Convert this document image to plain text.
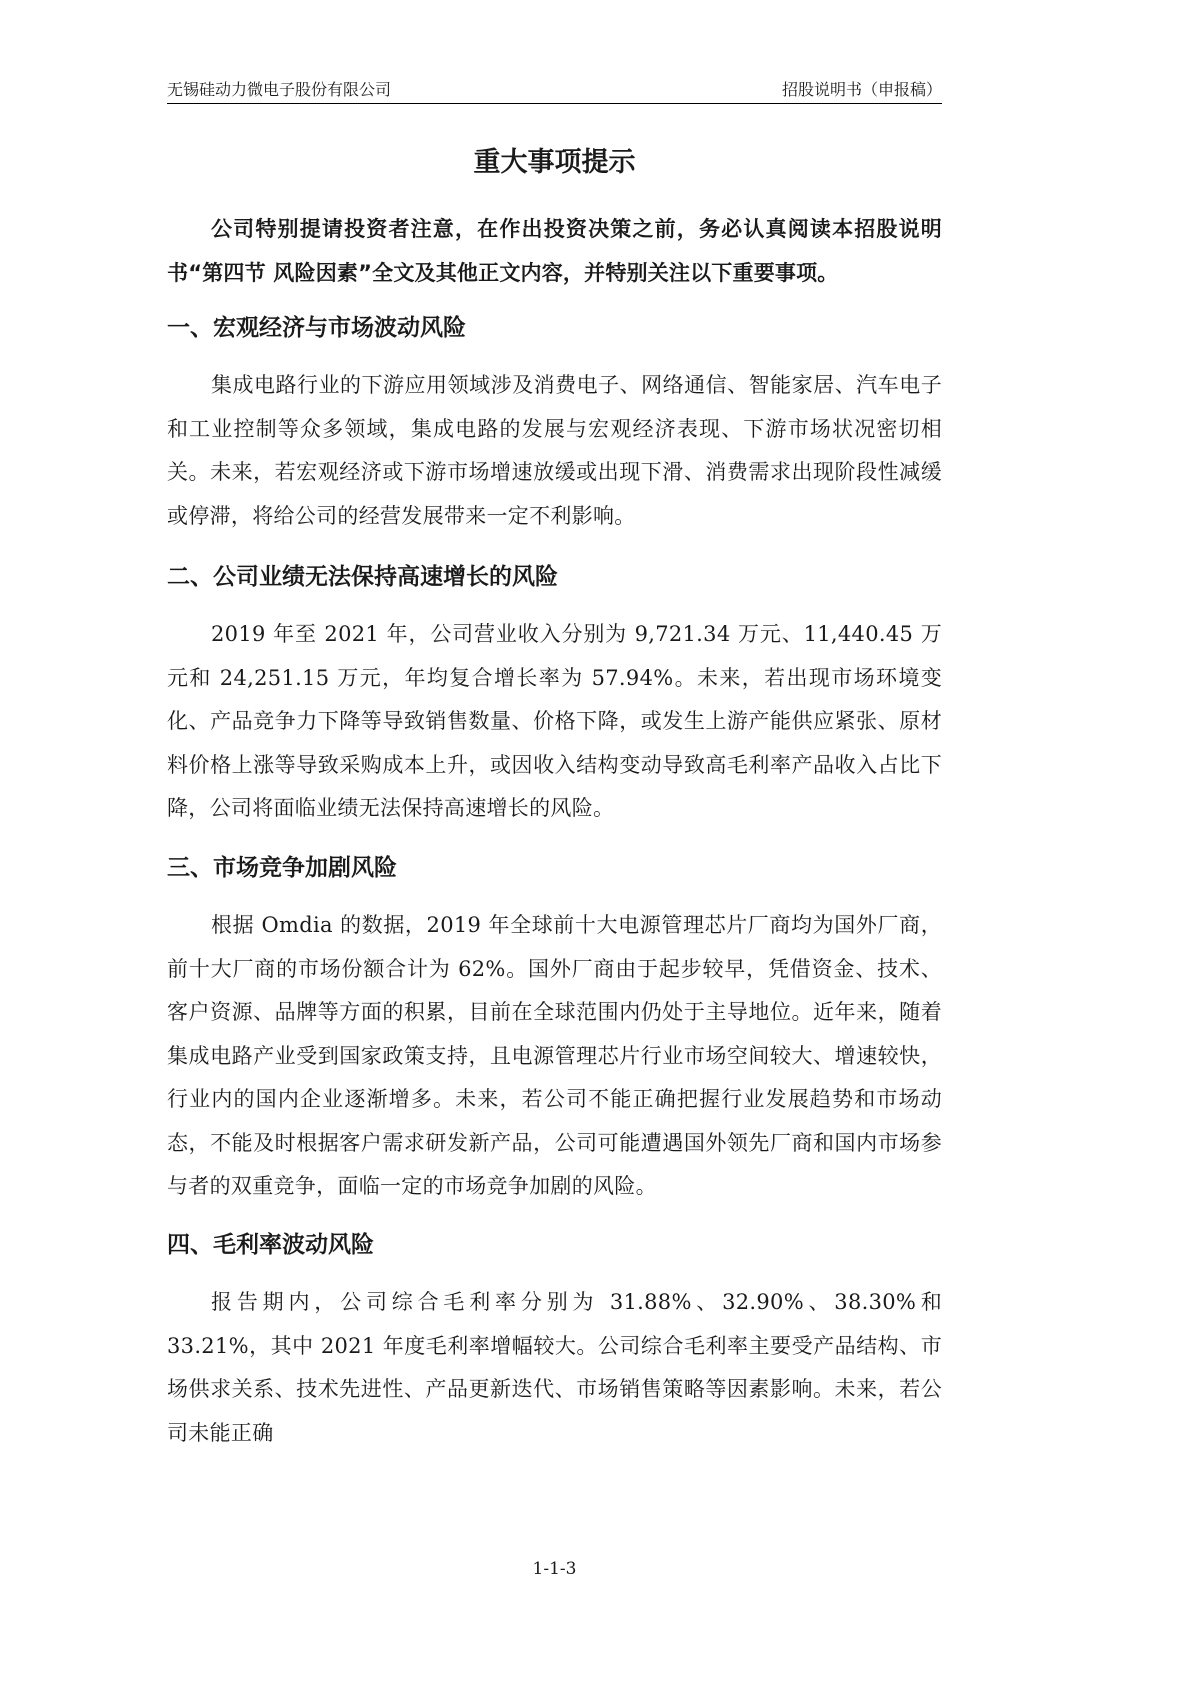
无锡硅动力微电子股份有限公司	招股说明书（申报稿）
重大事项提示
公司特别提请投资者注意，在作出投资决策之前，务必认真阅读本招股说明书“第四节 风险因素”全文及其他正文内容，并特别关注以下重要事项。
一、宏观经济与市场波动风险

集成电路行业的下游应用领域涉及消费电子、网络通信、智能家居、汽车电子和工业控制等众多领域，集成电路的发展与宏观经济表现、下游市场状况密切相关。未来，若宏观经济或下游市场增速放缓或出现下滑、消费需求出现阶段性减缓或停滞，将给公司的经营发展带来一定不利影响。

二、公司业绩无法保持高速增长的风险

2019 年至 2021 年，公司营业收入分别为 9,721.34 万元、11,440.45 万元和 24,251.15 万元，年均复合增长率为 57.94%。未来，若出现市场环境变化、产品竞争力下降等导致销售数量、价格下降，或发生上游产能供应紧张、原材料价格上涨等导致采购成本上升，或因收入结构变动导致高毛利率产品收入占比下降，公司将面临业绩无法保持高速增长的风险。

三、市场竞争加剧风险

根据 Omdia 的数据，2019 年全球前十大电源管理芯片厂商均为国外厂商，前十大厂商的市场份额合计为 62%。国外厂商由于起步较早，凭借资金、技术、客户资源、品牌等方面的积累，目前在全球范围内仍处于主导地位。近年来，随着集成电路产业受到国家政策支持，且电源管理芯片行业市场空间较大、增速较快，行业内的国内企业逐渐增多。未来，若公司不能正确把握行业发展趋势和市场动态，不能及时根据客户需求研发新产品，公司可能遭遇国外领先厂商和国内市场参与者的双重竞争，面临一定的市场竞争加剧的风险。

四、毛利率波动风险

报告期内，公司综合毛利率分别为 31.88%、32.90%、38.30%和 33.21%，其中 2021 年度毛利率增幅较大。公司综合毛利率主要受产品结构、市场供求关系、技术先进性、产品更新迭代、市场销售策略等因素影响。未来，若公司未能正确

1-1-3
